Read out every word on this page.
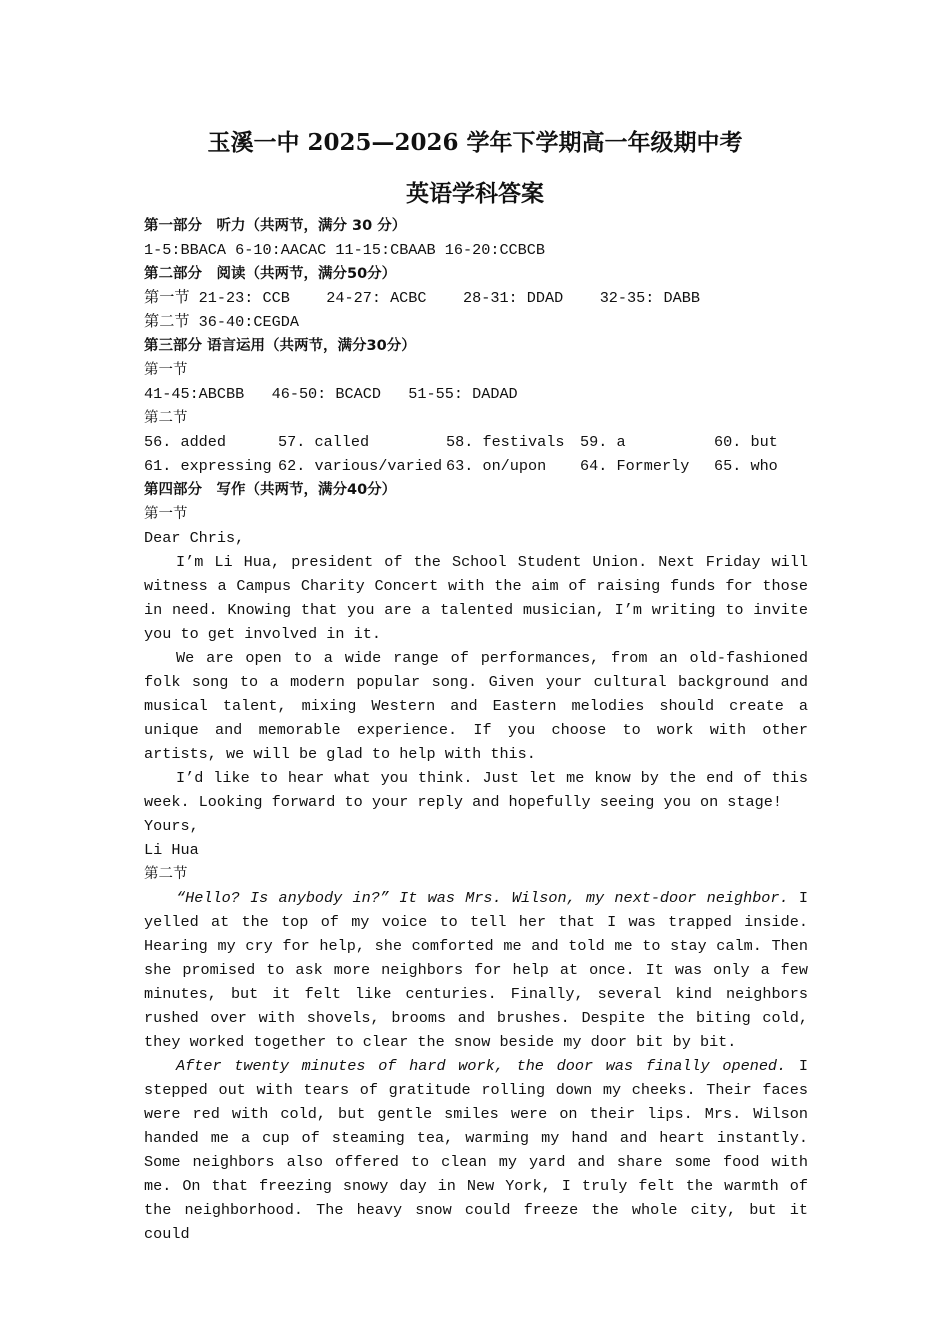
玉溪一中 2025—2026 学年下学期高一年级期中考
英语学科答案
第一部分　听力（共两节，满分 30 分）
1-5:BBACA 6-10:AACAC 11-15:CBAAB 16-20:CCBCB
第二部分　阅读（共两节，满分50分）
第一节 21-23: CCB    24-27: ACBC    28-31: DDAD    32-35: DABB
第二节 36-40:CEGDA
第三部分 语言运用（共两节，满分30分）
第一节
41-45:ABCBB   46-50: BCACD   51-55: DADAD
第二节
56. added	57. called	58. festivals	59. a	60. but
61. expressing 62. various/varied 63. on/upon	64. Formerly	65. who
第四部分　写作（共两节，满分40分）
第一节
Dear Chris,

I’m Li Hua, president of the School Student Union. Next Friday will witness a Campus Charity Concert with the aim of raising funds for those in need. Knowing that you are a talented musician, I’m writing to invite you to get involved in it.

We are open to a wide range of performances, from an old-fashioned folk song to a modern popular song. Given your cultural background and musical talent, mixing Western and Eastern melodies should create a unique and memorable experience. If you choose to work with other artists, we will be glad to help with this.

I’d like to hear what you think. Just let me know by the end of this week. Looking forward to your reply and hopefully seeing you on stage!

Yours,
Li Hua
第二节

“Hello? Is anybody in?” It was Mrs. Wilson, my next-door neighbor. I yelled at the top of my voice to tell her that I was trapped inside. Hearing my cry for help, she comforted me and told me to stay calm. Then she promised to ask more neighbors for help at once. It was only a few minutes, but it felt like centuries. Finally, several kind neighbors rushed over with shovels, brooms and brushes. Despite the biting cold, they worked together to clear the snow beside my door bit by bit.

After twenty minutes of hard work, the door was finally opened. I stepped out with tears of gratitude rolling down my cheeks. Their faces were red with cold, but gentle smiles were on their lips. Mrs. Wilson handed me a cup of steaming tea, warming my hand and heart instantly. Some neighbors also offered to clean my yard and share some food with me. On that freezing snowy day in New York, I truly felt the warmth of the neighborhood. The heavy snow could freeze the whole city, but it could
